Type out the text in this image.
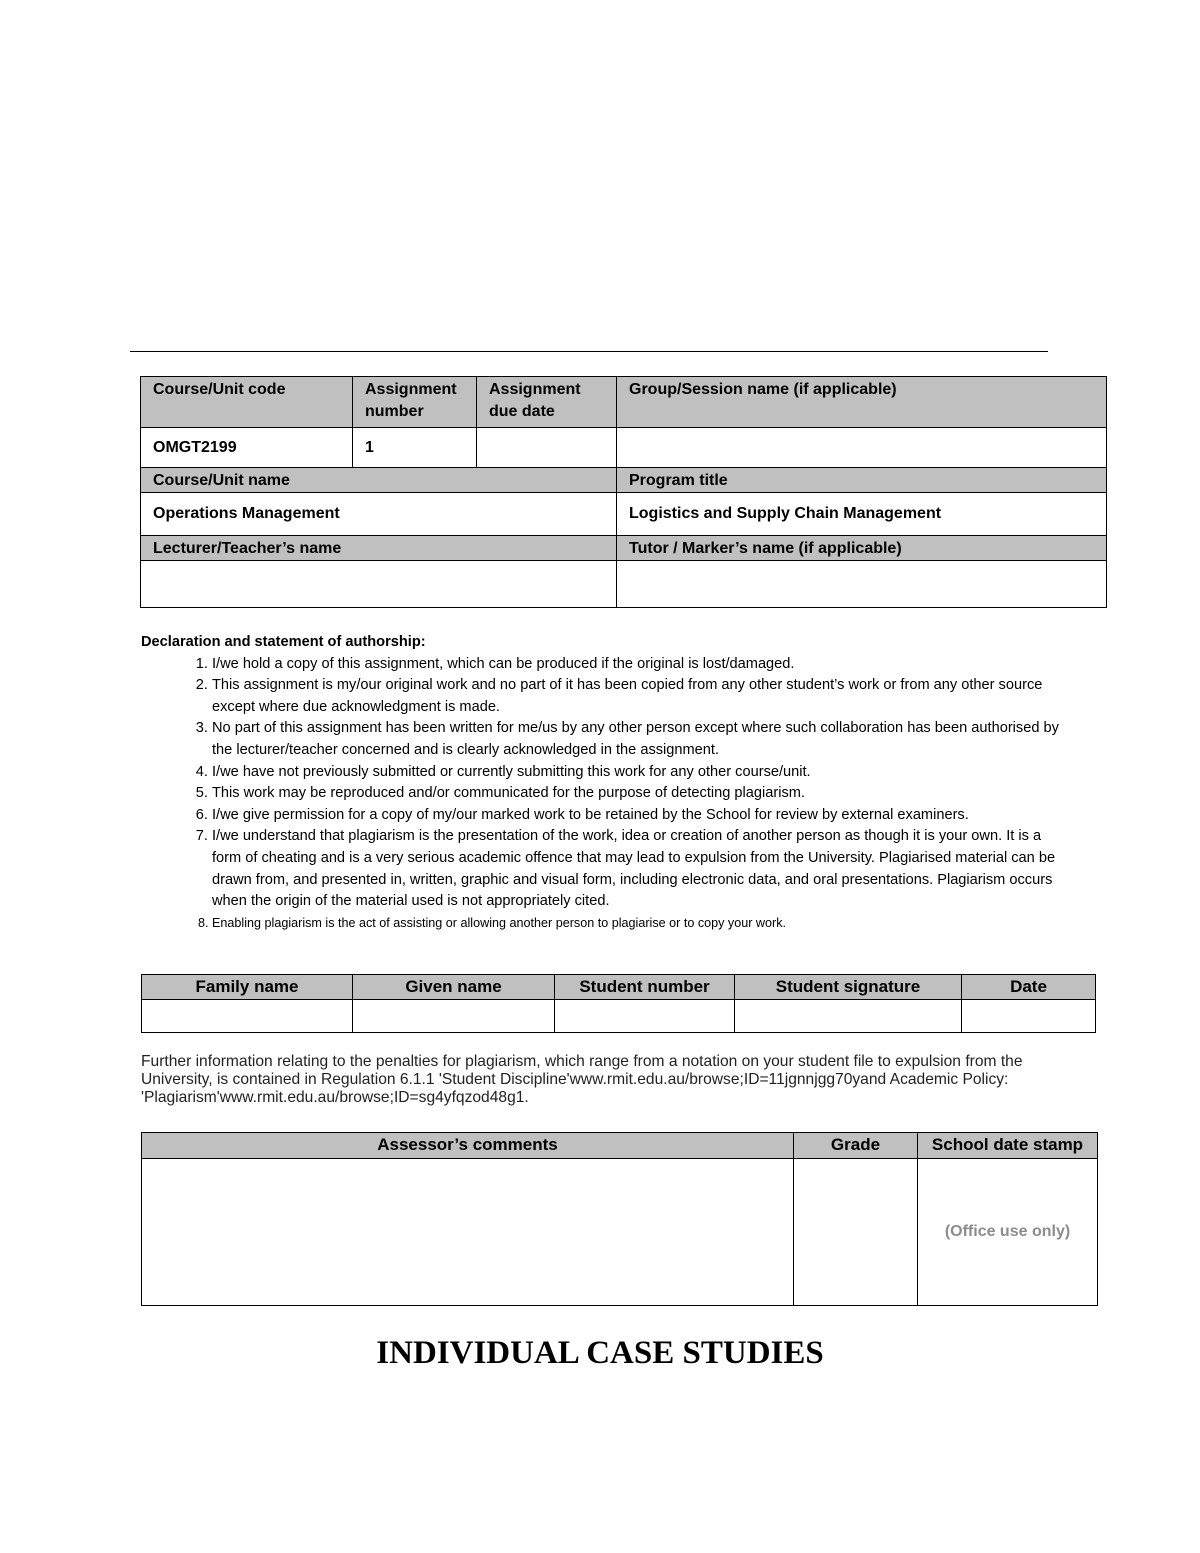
Course/Unit code	Assignment number	Assignment due date	Group/Session name (if applicable)
OMGT2199	1		
Course/Unit name			Program title
Operations Management			Logistics and Supply Chain Management
Lecturer/Teacher’s name			Tutor / Marker’s name (if applicable)

Declaration and statement of authorship:
1. I/we hold a copy of this assignment, which can be produced if the original is lost/damaged.
2. This assignment is my/our original work and no part of it has been copied from any other student’s work or from any other source except where due acknowledgment is made.
3. No part of this assignment has been written for me/us by any other person except where such collaboration has been authorised by the lecturer/teacher concerned and is clearly acknowledged in the assignment.
4. I/we have not previously submitted or currently submitting this work for any other course/unit.
5. This work may be reproduced and/or communicated for the purpose of detecting plagiarism.
6. I/we give permission for a copy of my/our marked work to be retained by the School for review by external examiners.
7. I/we understand that plagiarism is the presentation of the work, idea or creation of another person as though it is your own. It is a form of cheating and is a very serious academic offence that may lead to expulsion from the University. Plagiarised material can be drawn from, and presented in, written, graphic and visual form, including electronic data, and oral presentations. Plagiarism occurs when the origin of the material used is not appropriately cited.
8. Enabling plagiarism is the act of assisting or allowing another person to plagiarise or to copy your work.
Family name	Given name	Student number	Student signature	Date

Further information relating to the penalties for plagiarism, which range from a notation on your student file to expulsion from the University, is contained in Regulation 6.1.1 'Student Discipline'www.rmit.edu.au/browse;ID=11jgnnjgg70yand Academic Policy: 'Plagiarism'www.rmit.edu.au/browse;ID=sg4yfqzod48g1.
Assessor’s comments	Grade	School date stamp
		(Office use only)
INDIVIDUAL CASE STUDIES
